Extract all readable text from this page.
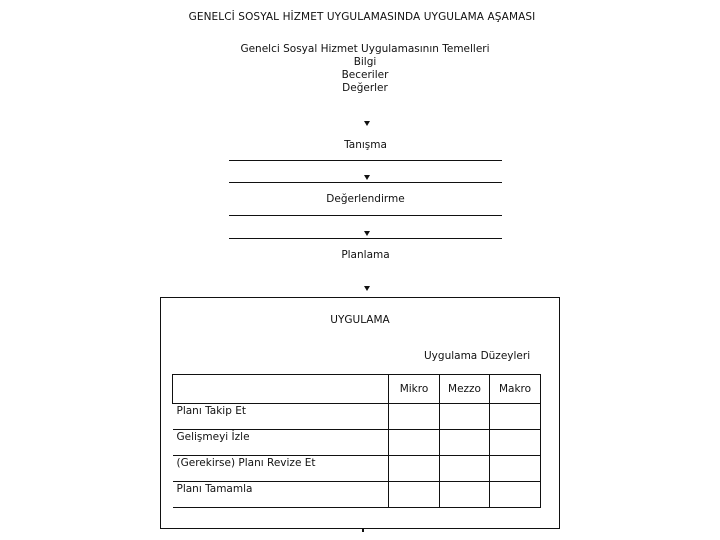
GENELCİ SOSYAL HİZMET UYGULAMASINDA UYGULAMA AŞAMASI
Genelci Sosyal Hizmet Uygulamasının Temelleri
Bilgi
Beceriler
Değerler
Tanışma
Değerlendirme
Planlama
UYGULAMA
Uygulama Düzeyleri
	Mikro	Mezzo	Makro
Planı Takip Et			
Gelişmeyi İzle			
(Gerekirse) Planı Revize Et			
Planı Tamamla			
